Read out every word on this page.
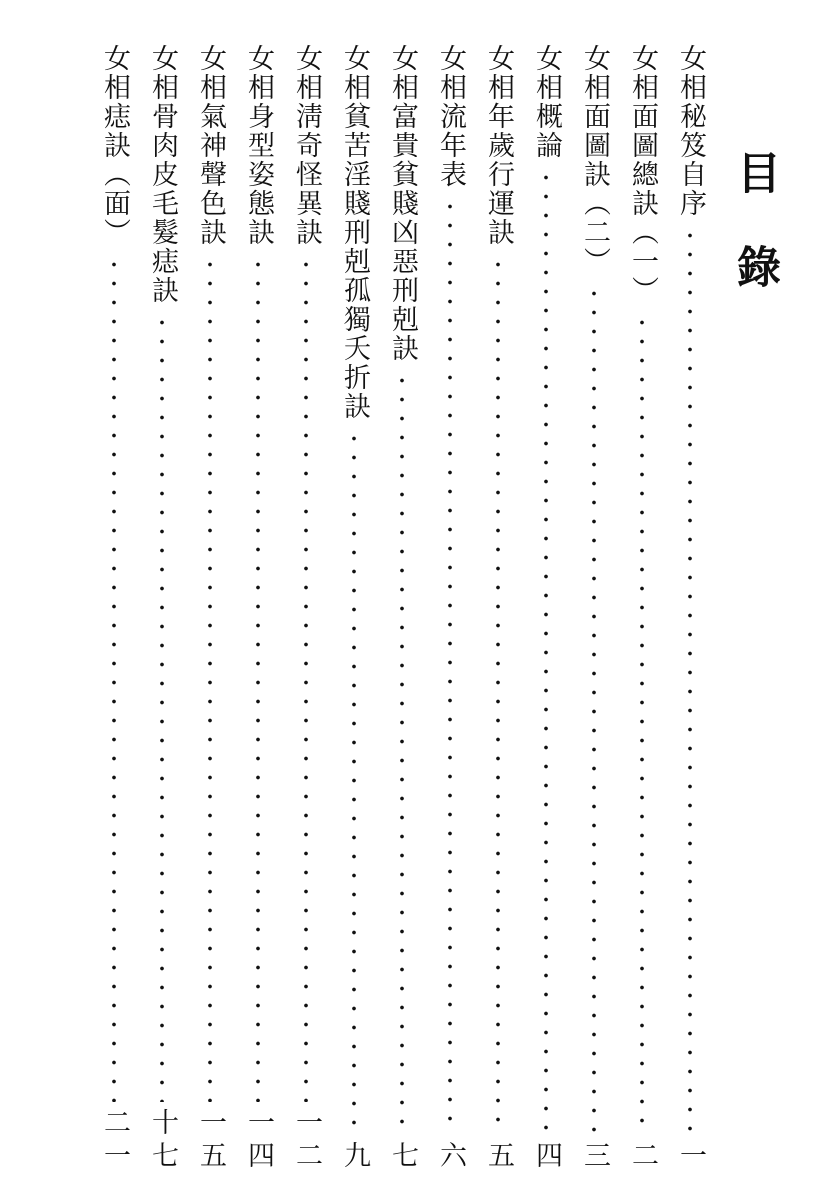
目錄
女相秘笈自序
一
女相面圖總訣（一）
二
女相面圖訣（二）
三
女相概論
四
女相年歲行運訣
五
女相流年表
六
女相富貴貧賤凶惡刑剋訣
七
女相貧苦淫賤刑剋孤獨夭折訣
九
女相淸奇怪異訣
一二
女相身型姿態訣
一四
女相氣神聲色訣
一五
女相骨肉皮毛髮痣訣
十七
女相痣訣（面）
二一
